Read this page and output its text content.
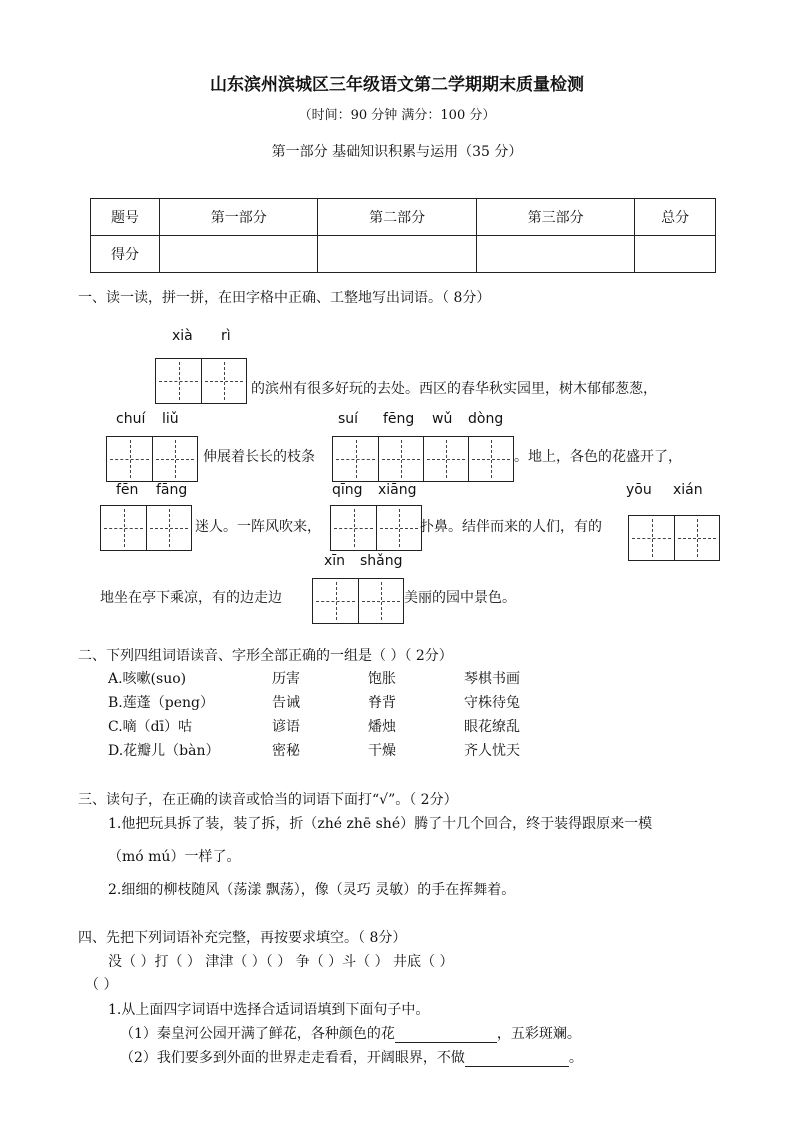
山东滨州滨城区三年级语文第二学期期末质量检测
（时间：90 分钟 满分：100 分）
第一部分 基础知识积累与运用（35 分）
题号	第一部分	第二部分	第三部分	总分
得分				
一、读一读，拼一拼，在田字格中正确、工整地写出词语。（ 8分）
xià rì
的滨州有很多好玩的去处。西区的春华秋实园里，树木郁郁葱葱，
chuí liǔ	suí fēng wǔ dòng
伸展着长长的枝条	。地上，各色的花盛开了，
fēn fāng	qīng xiāng	yōu xián
迷人。一阵风吹来，	扑鼻。结伴而来的人们，有的
xīn shǎng
地坐在亭下乘凉，有的边走边	美丽的园中景色。
二、下列四组词语读音、字形全部正确的一组是（ ）（ 2分）
A.咳嗽(suo)	历害	饱胀	琴棋书画
B.莲蓬（peng）	告诫	脊背	守株待兔
C.嘀（dī）咕	谚语	燔烛	眼花缭乱
D.花瓣儿（bàn）	密秘	干燥	齐人忧天
三、读句子，在正确的读音或恰当的词语下面打“√”。（ 2分）
1.他把玩具拆了装，装了拆，折（zhé zhē shé）腾了十几个回合，终于装得跟原来一模
（mó mú）一样了。
2.细细的柳枝随风（荡漾 飘荡），像（灵巧 灵敏）的手在挥舞着。
四、先把下列词语补充完整，再按要求填空。（ 8分）
没（ ）打（ ） 津津（ ）（ ） 争（ ）斗（ ） 井底（ ）
（ ）
1.从上面四字词语中选择合适词语填到下面句子中。
（1）秦皇河公园开满了鲜花，各种颜色的花	，五彩斑斓。
（2）我们要多到外面的世界走走看看，开阔眼界，不做	。
